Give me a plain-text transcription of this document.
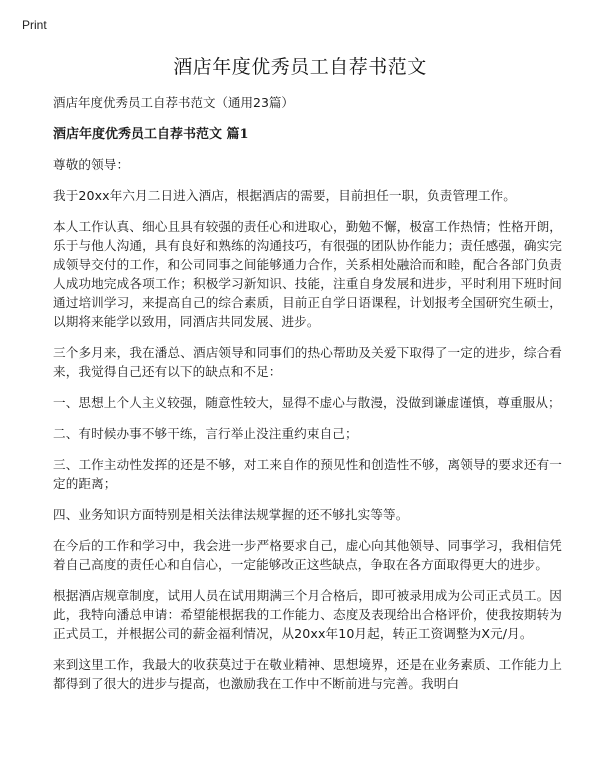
Print
酒店年度优秀员工自荐书范文
酒店年度优秀员工自荐书范文（通用23篇）
酒店年度优秀员工自荐书范文 篇1

尊敬的领导：

我于20xx年六月二日进入酒店，根据酒店的需要，目前担任一职，负责管理工作。

本人工作认真、细心且具有较强的责任心和进取心，勤勉不懈，极富工作热情；性格开朗，乐于与他人沟通，具有良好和熟练的沟通技巧，有很强的团队协作能力；责任感强，确实完成领导交付的工作，和公司同事之间能够通力合作，关系相处融洽而和睦，配合各部门负责人成功地完成各项工作；积极学习新知识、技能，注重自身发展和进步，平时利用下班时间通过培训学习，来提高自己的综合素质，目前正自学日语课程，计划报考全国研究生硕士，以期将来能学以致用，同酒店共同发展、进步。

三个多月来，我在潘总、酒店领导和同事们的热心帮助及关爱下取得了一定的进步，综合看来，我觉得自己还有以下的缺点和不足：

一、思想上个人主义较强，随意性较大，显得不虚心与散漫，没做到谦虚谨慎，尊重服从；

二、有时候办事不够干练，言行举止没注重约束自己；

三、工作主动性发挥的还是不够，对工来自作的预见性和创造性不够，离领导的要求还有一定的距离；

四、业务知识方面特别是相关法律法规掌握的还不够扎实等等。

在今后的工作和学习中，我会进一步严格要求自己，虚心向其他领导、同事学习，我相信凭着自己高度的责任心和自信心，一定能够改正这些缺点，争取在各方面取得更大的进步。

根据酒店规章制度，试用人员在试用期满三个月合格后，即可被录用成为公司正式员工。因此，我特向潘总申请：希望能根据我的工作能力、态度及表现给出合格评价，使我按期转为正式员工，并根据公司的薪金福利情况，从20xx年10月起，转正工资调整为X元/月。

来到这里工作，我最大的收获莫过于在敬业精神、思想境界，还是在业务素质、工作能力上都得到了很大的进步与提高，也激励我在工作中不断前进与完善。我明白
